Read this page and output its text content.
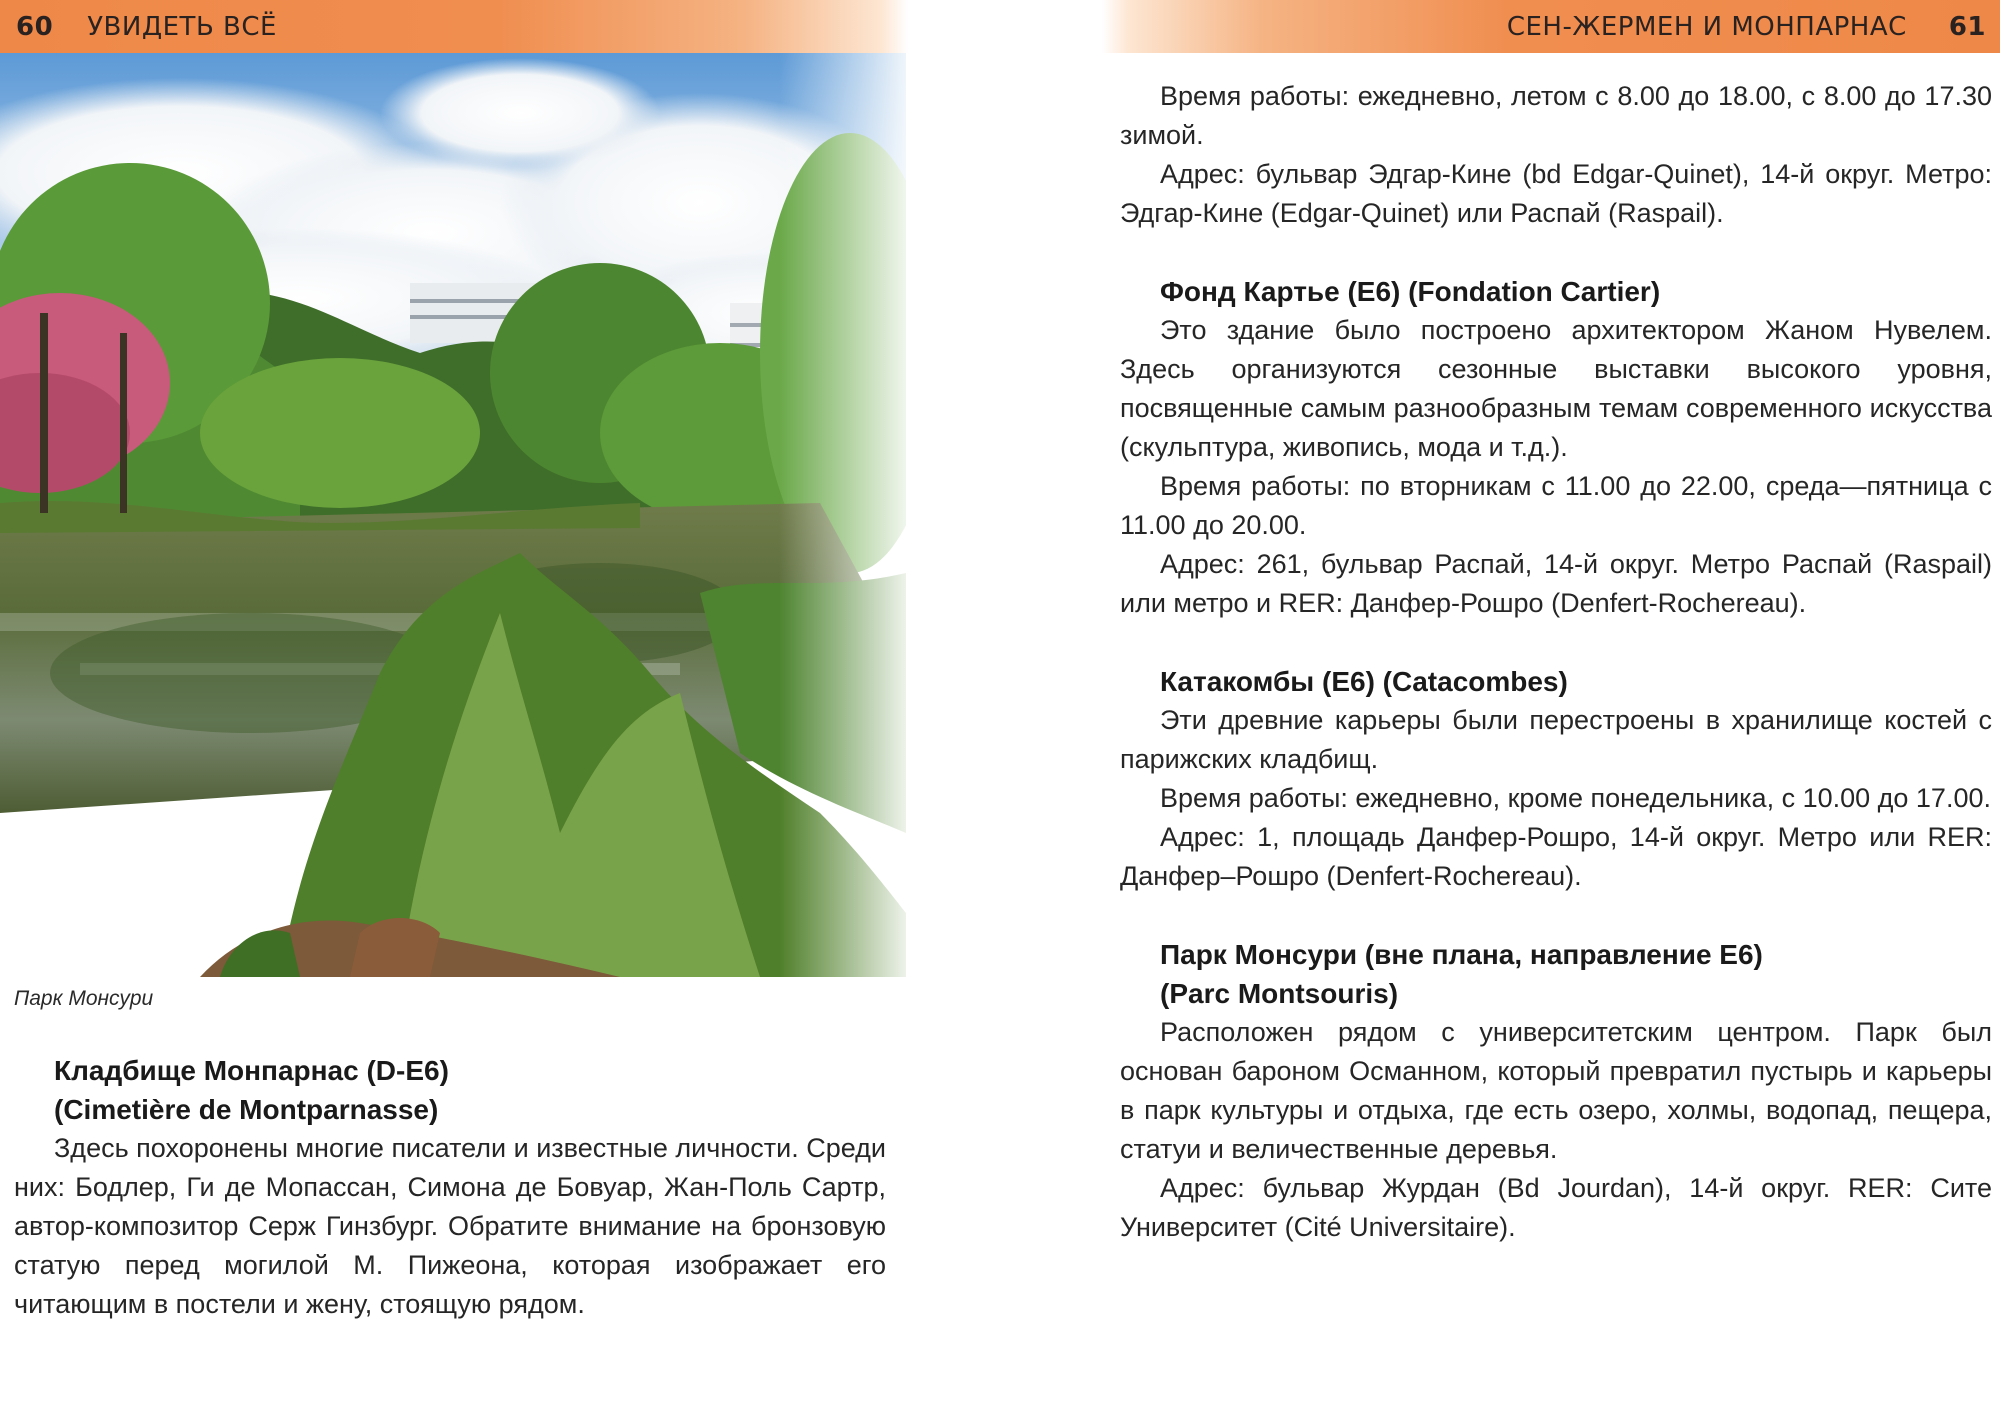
60 УВИДЕТЬ ВСЁ
Парк Монсури
Кладбище Монпарнас (D-E6)
(Cimetière de Montparnasse)

Здесь похоронены многие писатели и известные личности. Среди них: Бодлер, Ги де Мопассан, Симона де Бовуар, Жан-Поль Сартр, автор-композитор Серж Гинзбург. Обратите внимание на бронзовую статую перед могилой М. Пижеона, которая изображает его читающим в постели и жену, стоящую рядом.

СЕН-ЖЕРМЕН И МОНПАРНАС 61

Время работы: ежедневно, летом с 8.00 до 18.00, с 8.00 до 17.30 зимой.

Адрес: бульвар Эдгар-Кине (bd Edgar-Quinet), 14-й округ. Метро: Эдгар-Кине (Edgar-Quinet) или Распай (Raspail).

Фонд Картье (E6) (Fondation Cartier)

Это здание было построено архитектором Жаном Нувелем. Здесь организуются сезонные выставки высокого уровня, посвященные самым разнообразным темам современного искусства (скульптура, живопись, мода и т.д.).

Время работы: по вторникам с 11.00 до 22.00, среда—пятница с 11.00 до 20.00.

Адрес: 261, бульвар Распай, 14-й округ. Метро Распай (Raspail) или метро и RER: Данфер-Рошро (Denfert-Rochereau).

Катакомбы (E6) (Catacombes)

Эти древние карьеры были перестроены в хранилище костей с парижских кладбищ.

Время работы: ежедневно, кроме понедельника, с 10.00 до 17.00.

Адрес: 1, площадь Данфер-Рошро, 14-й округ. Метро или RER: Данфер–Рошро (Denfert-Rochereau).

Парк Монсури (вне плана, направление E6)
(Parc Montsouris)

Расположен рядом с университетским центром. Парк был основан бароном Османном, который превратил пустырь и карьеры в парк культуры и отдыха, где есть озеро, холмы, водопад, пещера, статуи и величественные деревья.

Адрес: бульвар Журдан (Bd Jourdan), 14-й округ. RER: Сите Университет (Cité Universitaire).
